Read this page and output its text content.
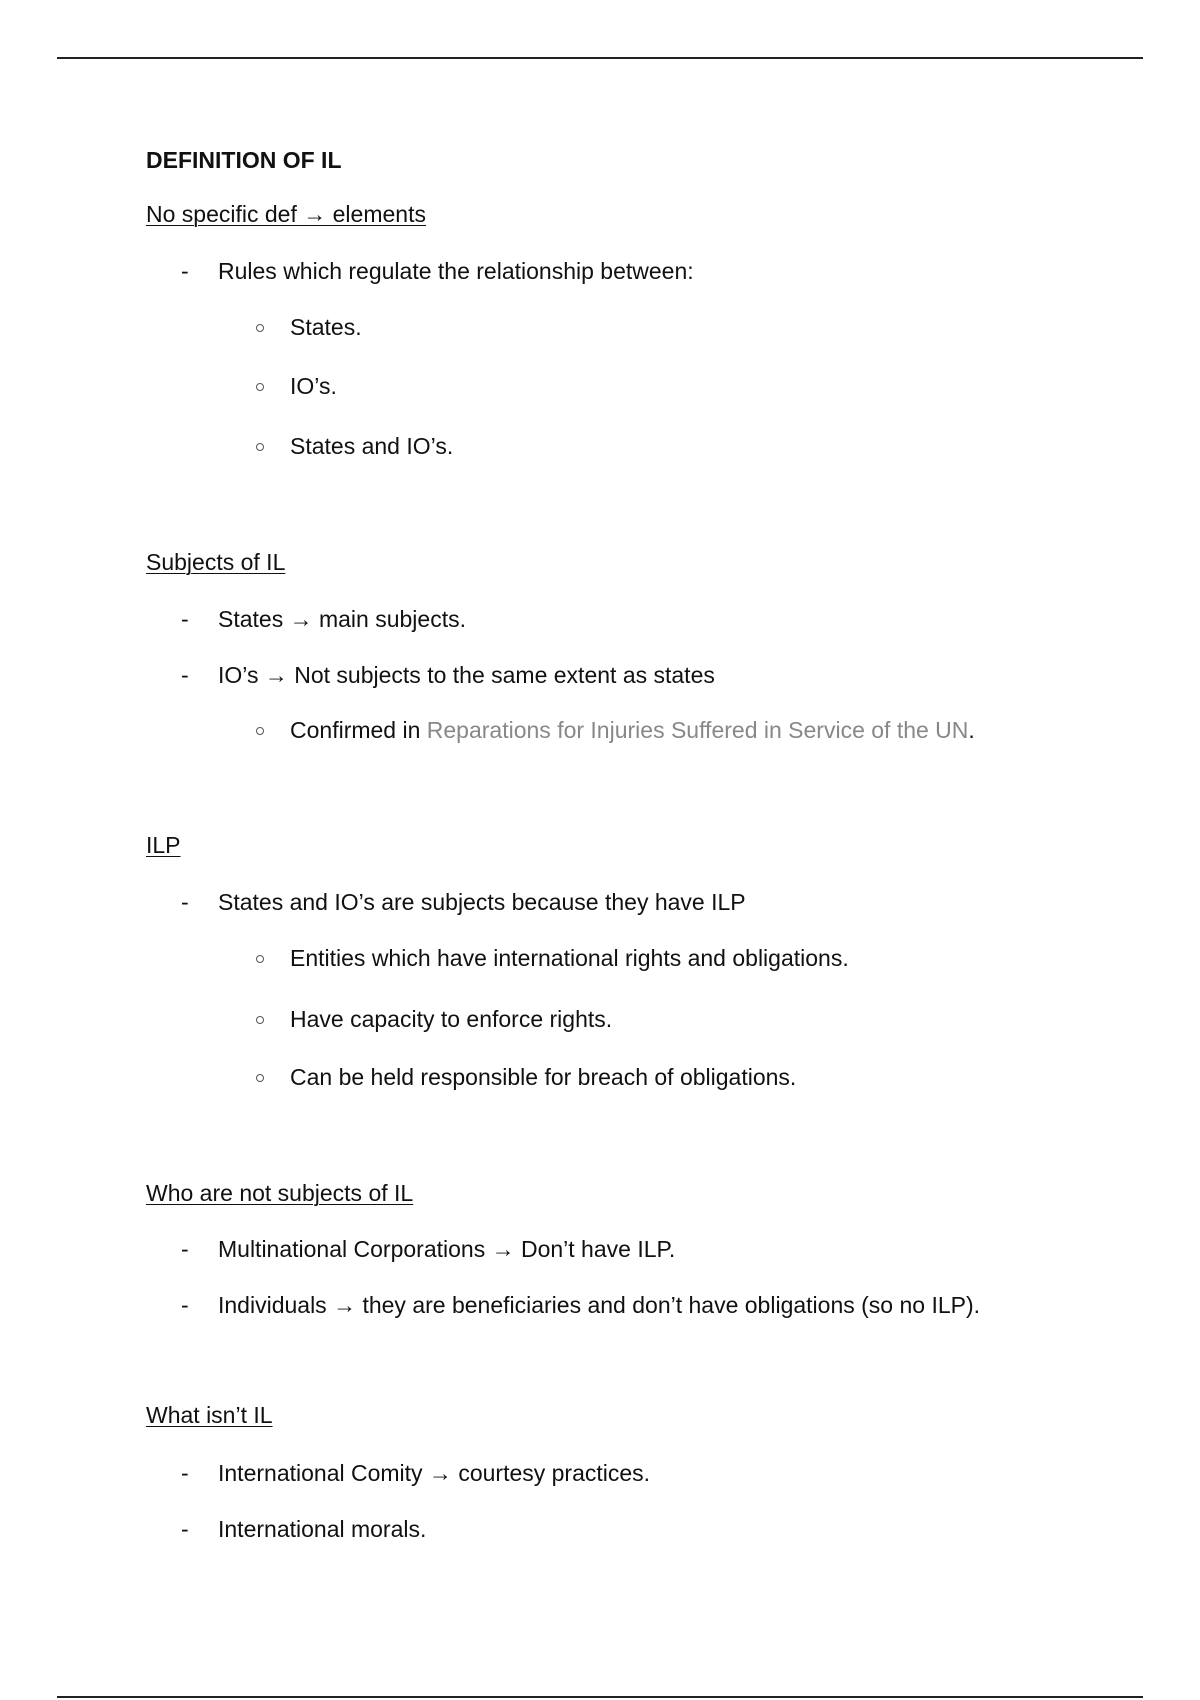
DEFINITION OF IL
No specific def → elements
- Rules which regulate the relationship between:
States.
IO’s.
States and IO’s.
Subjects of IL
- States → main subjects.
- IO’s → Not subjects to the same extent as states
Confirmed in Reparations for Injuries Suffered in Service of the UN.
ILP
- States and IO’s are subjects because they have ILP
Entities which have international rights and obligations.
Have capacity to enforce rights.
Can be held responsible for breach of obligations.
Who are not subjects of IL
- Multinational Corporations → Don’t have ILP.
- Individuals → they are beneficiaries and don’t have obligations (so no ILP).
What isn’t IL
- International Comity → courtesy practices.
- International morals.
